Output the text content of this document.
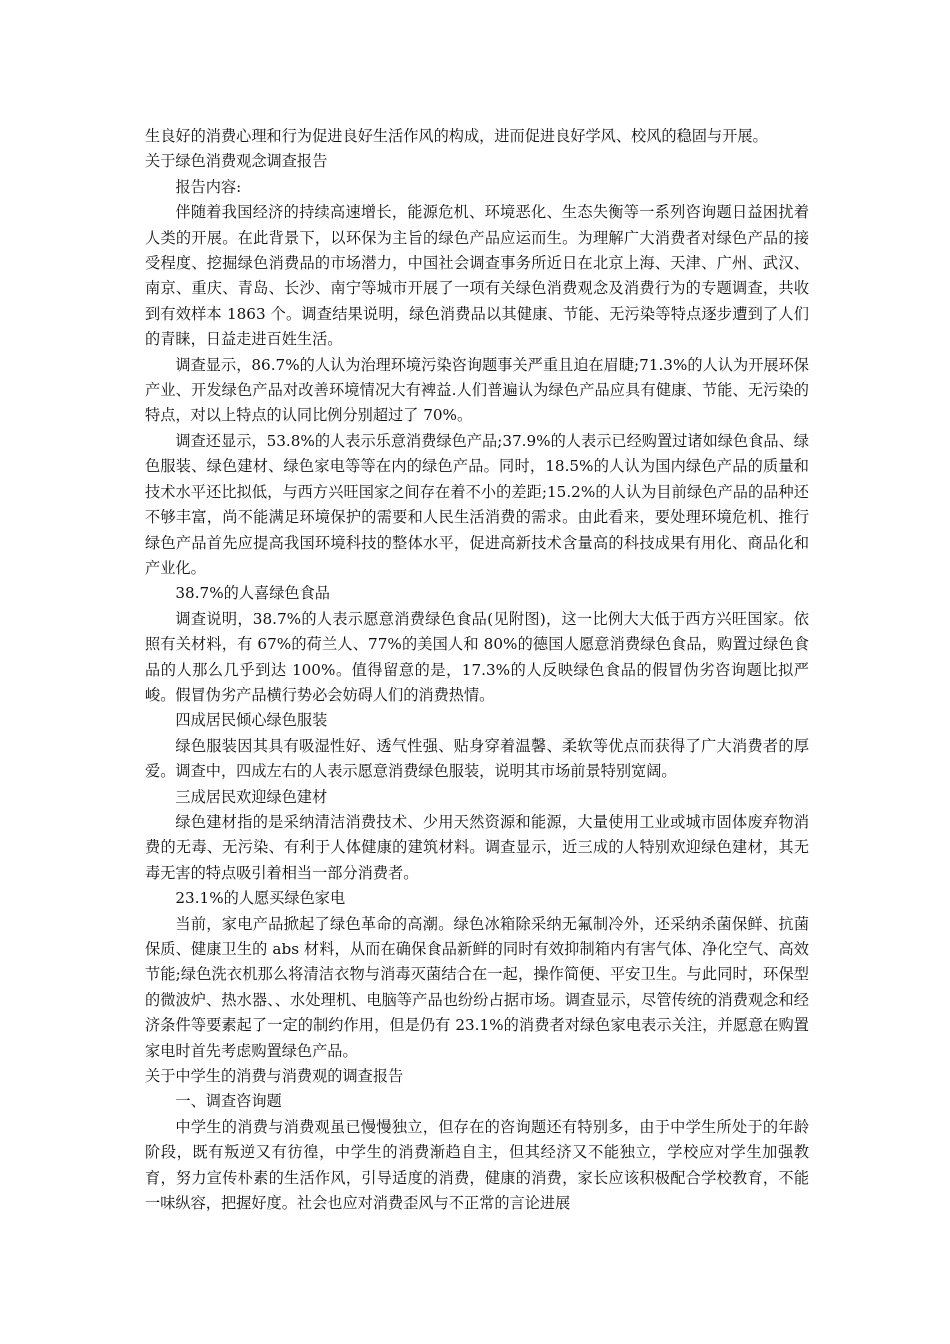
生良好的消费心理和行为促进良好生活作风的构成，进而促进良好学风、校风的稳固与开展。

关于绿色消费观念调查报告

报告内容:

伴随着我国经济的持续高速增长，能源危机、环境恶化、生态失衡等一系列咨询题日益困扰着人类的开展。在此背景下，以环保为主旨的绿色产品应运而生。为理解广大消费者对绿色产品的接受程度、挖掘绿色消费品的市场潜力，中国社会调查事务所近日在北京上海、天津、广州、武汉、南京、重庆、青岛、长沙、南宁等城市开展了一项有关绿色消费观念及消费行为的专题调查，共收到有效样本 1863 个。调查结果说明，绿色消费品以其健康、节能、无污染等特点逐步遭到了人们的青睐，日益走进百姓生活。

调查显示，86.7%的人认为治理环境污染咨询题事关严重且迫在眉睫;71.3%的人认为开展环保产业、开发绿色产品对改善环境情况大有裨益.人们普遍认为绿色产品应具有健康、节能、无污染的特点，对以上特点的认同比例分别超过了 70%。

调查还显示，53.8%的人表示乐意消费绿色产品;37.9%的人表示已经购置过诸如绿色食品、绿色服装、绿色建材、绿色家电等等在内的绿色产品。同时，18.5%的人认为国内绿色产品的质量和技术水平还比拟低，与西方兴旺国家之间存在着不小的差距;15.2%的人认为目前绿色产品的品种还不够丰富，尚不能满足环境保护的需要和人民生活消费的需求。由此看来，要处理环境危机、推行绿色产品首先应提高我国环境科技的整体水平，促进高新技术含量高的科技成果有用化、商品化和产业化。

38.7%的人喜绿色食品

调查说明，38.7%的人表示愿意消费绿色食品(见附图)，这一比例大大低于西方兴旺国家。依照有关材料，有 67%的荷兰人、77%的美国人和 80%的德国人愿意消费绿色食品，购置过绿色食品的人那么几乎到达 100%。值得留意的是，17.3%的人反映绿色食品的假冒伪劣咨询题比拟严峻。假冒伪劣产品横行势必会妨碍人们的消费热情。

四成居民倾心绿色服装

绿色服装因其具有吸湿性好、透气性强、贴身穿着温馨、柔软等优点而获得了广大消费者的厚爱。调查中，四成左右的人表示愿意消费绿色服装，说明其市场前景特别宽阔。

三成居民欢迎绿色建材

绿色建材指的是采纳清洁消费技术、少用天然资源和能源，大量使用工业或城市固体废弃物消费的无毒、无污染、有利于人体健康的建筑材料。调查显示，近三成的人特别欢迎绿色建材，其无毒无害的特点吸引着相当一部分消费者。

23.1%的人愿买绿色家电

当前，家电产品掀起了绿色革命的高潮。绿色冰箱除采纳无氟制冷外，还采纳杀菌保鲜、抗菌保质、健康卫生的 abs 材料，从而在确保食品新鲜的同时有效抑制箱内有害气体、净化空气、高效节能;绿色洗衣机那么将清洁衣物与消毒灭菌结合在一起，操作简便、平安卫生。与此同时，环保型的微波炉、热水器、、水处理机、电脑等产品也纷纷占据市场。调查显示，尽管传统的消费观念和经济条件等要素起了一定的制约作用，但是仍有 23.1%的消费者对绿色家电表示关注，并愿意在购置家电时首先考虑购置绿色产品。

关于中学生的消费与消费观的调查报告

一、调查咨询题

中学生的消费与消费观虽已慢慢独立，但存在的咨询题还有特别多，由于中学生所处于的年龄阶段，既有叛逆又有彷徨，中学生的消费渐趋自主，但其经济又不能独立，学校应对学生加强教育，努力宣传朴素的生活作风，引导适度的消费，健康的消费，家长应该积极配合学校教育，不能一味纵容，把握好度。社会也应对消费歪风与不正常的言论进展
